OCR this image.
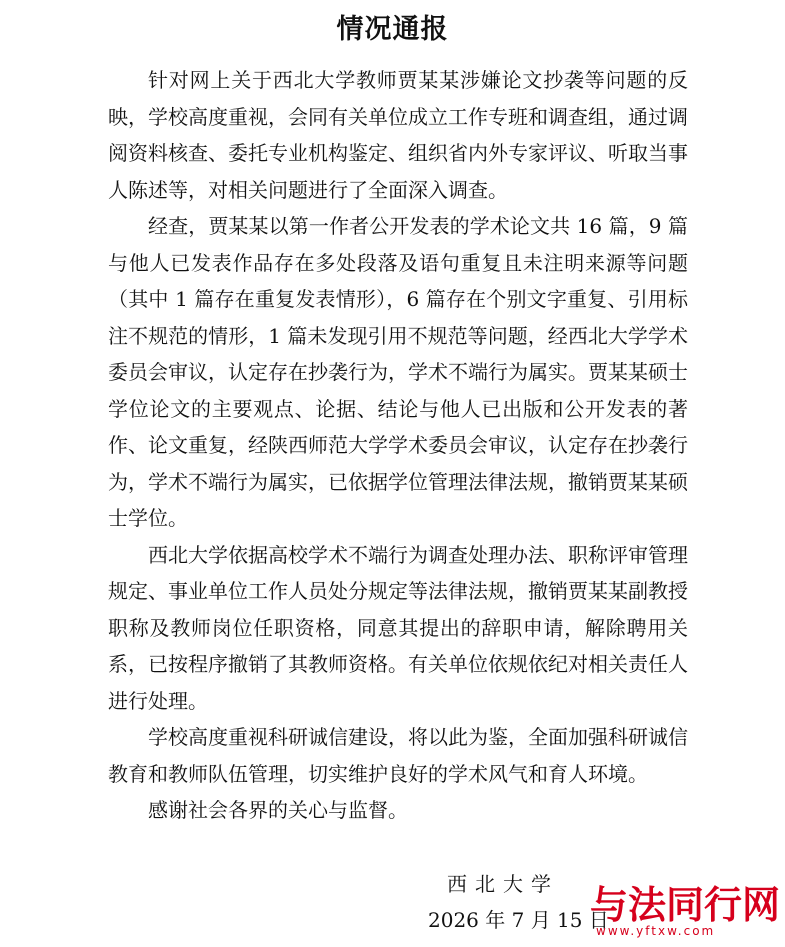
情况通报

针对网上关于西北大学教师贾某某涉嫌论文抄袭等问题的反映，学校高度重视，会同有关单位成立工作专班和调查组，通过调阅资料核查、委托专业机构鉴定、组织省内外专家评议、听取当事人陈述等，对相关问题进行了全面深入调查。

经查，贾某某以第一作者公开发表的学术论文共 16 篇，9 篇与他人已发表作品存在多处段落及语句重复且未注明来源等问题（其中 1 篇存在重复发表情形），6 篇存在个别文字重复、引用标注不规范的情形，1 篇未发现引用不规范等问题，经西北大学学术委员会审议，认定存在抄袭行为，学术不端行为属实。贾某某硕士学位论文的主要观点、论据、结论与他人已出版和公开发表的著作、论文重复，经陕西师范大学学术委员会审议，认定存在抄袭行为，学术不端行为属实，已依据学位管理法律法规，撤销贾某某硕士学位。

西北大学依据高校学术不端行为调查处理办法、职称评审管理规定、事业单位工作人员处分规定等法律法规，撤销贾某某副教授职称及教师岗位任职资格，同意其提出的辞职申请，解除聘用关系，已按程序撤销了其教师资格。有关单位依规依纪对相关责任人进行处理。

学校高度重视科研诚信建设，将以此为鉴，全面加强科研诚信教育和教师队伍管理，切实维护良好的学术风气和育人环境。

感谢社会各界的关心与监督。

西北大学
2026 年 7 月 15 日
与法同行网
www.yftxw.com
